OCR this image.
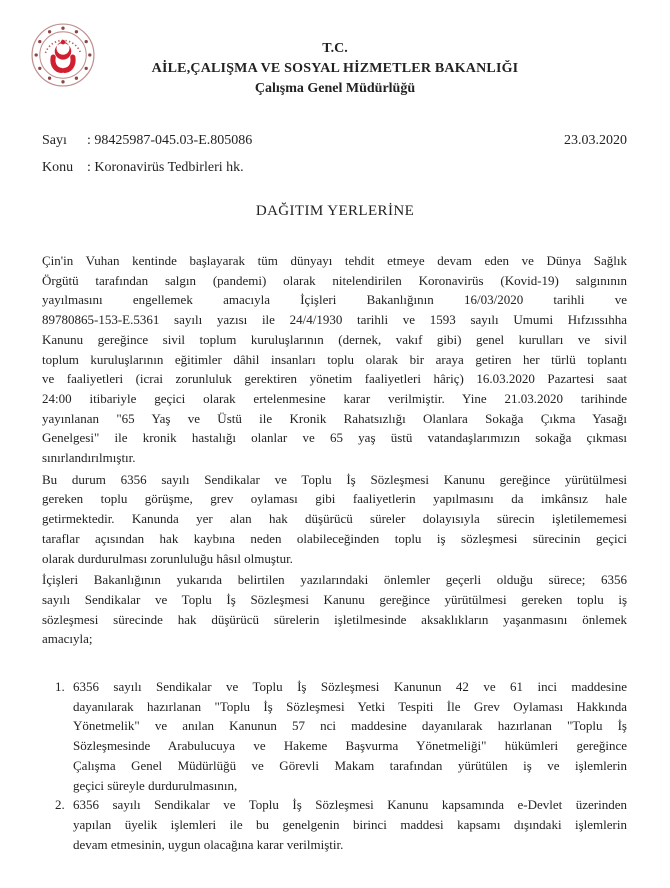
T.C.
AİLE,ÇALIŞMA VE SOSYAL HİZMETLER BAKANLIĞI
Çalışma Genel Müdürlüğü
Sayı	: 98425987-045.03-E.805086
Konu : Koronavirüs Tedbirleri hk.
23.03.2020
DAĞITIM YERLERİNE
Çin'in Vuhan kentinde başlayarak tüm dünyayı tehdit etmeye devam eden ve Dünya Sağlık
Örgütü tarafından salgın (pandemi) olarak nitelendirilen Koronavirüs (Kovid-19) salgınının
yayılmasını engellemek amacıyla İçişleri Bakanlığının 16/03/2020 tarihli ve
89780865-153-E.5361 sayılı yazısı ile 24/4/1930 tarihli ve 1593 sayılı Umumi Hıfzıssıhha
Kanunu gereğince sivil toplum kuruluşlarının (dernek, vakıf gibi) genel kurulları ve sivil
toplum kuruluşlarının eğitimler dâhil insanları toplu olarak bir araya getiren her türlü toplantı
ve faaliyetleri (icrai zorunluluk gerektiren yönetim faaliyetleri hâriç) 16.03.2020 Pazartesi saat
24:00 itibariyle geçici olarak ertelenmesine karar verilmiştir. Yine 21.03.2020 tarihinde
yayınlanan "65 Yaş ve Üstü ile Kronik Rahatsızlığı Olanlara Sokağa Çıkma Yasağı
Genelgesi" ile kronik hastalığı olanlar ve 65 yaş üstü vatandaşlarımızın sokağa çıkması
sınırlandırılmıştır.
Bu durum 6356 sayılı Sendikalar ve Toplu İş Sözleşmesi Kanunu gereğince yürütülmesi
gereken toplu görüşme, grev oylaması gibi faaliyetlerin yapılmasını da imkânsız hale
getirmektedir. Kanunda yer alan hak düşürücü süreler dolayısıyla sürecin işletilememesi
taraflar açısından hak kaybına neden olabileceğinden toplu iş sözleşmesi sürecinin geçici
olarak durdurulması zorunluluğu hâsıl olmuştur.
İçişleri Bakanlığının yukarıda belirtilen yazılarındaki önlemler geçerli olduğu sürece; 6356
sayılı Sendikalar ve Toplu İş Sözleşmesi Kanunu gereğince yürütülmesi gereken toplu iş
sözleşmesi sürecinde hak düşürücü sürelerin işletilmesinde aksaklıkların yaşanmasını önlemek
amacıyla;
1. 6356 sayılı Sendikalar ve Toplu İş Sözleşmesi Kanunun 42 ve 61 inci maddesine
dayanılarak hazırlanan "Toplu İş Sözleşmesi Yetki Tespiti İle Grev Oylaması Hakkında
Yönetmelik" ve anılan Kanunun 57 nci maddesine dayanılarak hazırlanan "Toplu İş
Sözleşmesinde Arabulucuya ve Hakeme Başvurma Yönetmeliği" hükümleri gereğince
Çalışma Genel Müdürlüğü ve Görevli Makam tarafından yürütülen iş ve işlemlerin
geçici süreyle durdurulmasının,
2. 6356 sayılı Sendikalar ve Toplu İş Sözleşmesi Kanunu kapsamında e-Devlet üzerinden
yapılan üyelik işlemleri ile bu genelgenin birinci maddesi kapsamı dışındaki işlemlerin
devam etmesinin, uygun olacağına karar verilmiştir.
